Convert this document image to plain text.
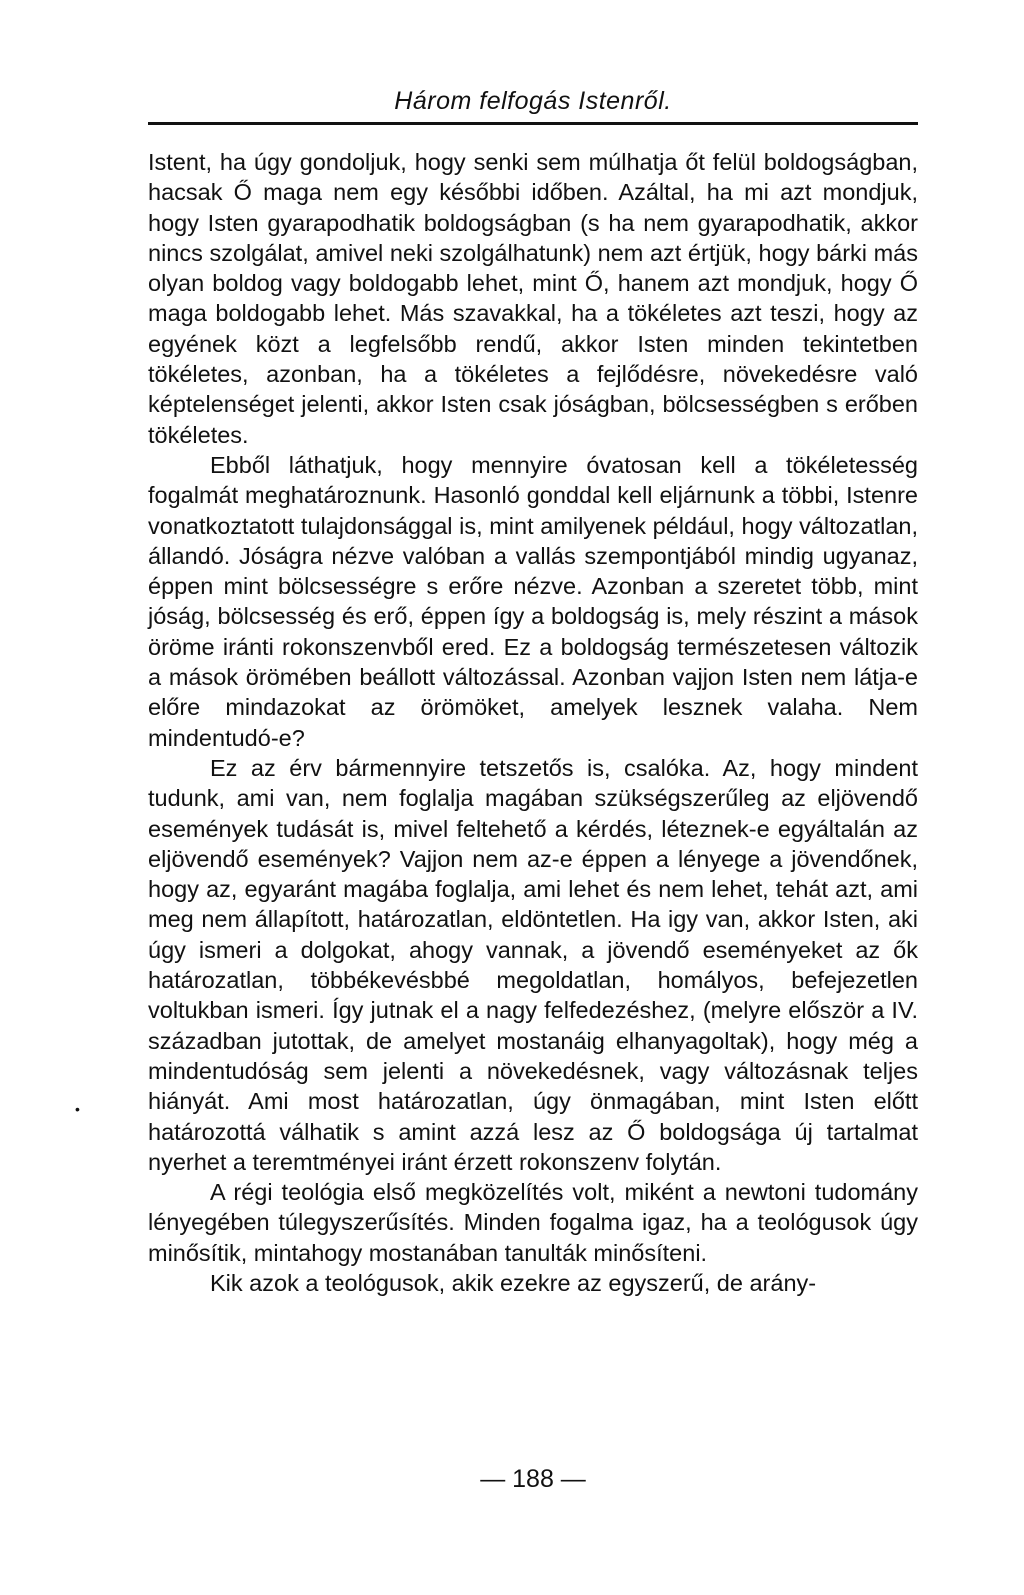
Három felfogás Istenről.

Istent, ha úgy gondoljuk, hogy senki sem múlhatja őt felül boldogságban, hacsak Ő maga nem egy későbbi időben. Azáltal, ha mi azt mondjuk, hogy Isten gyarapodhatik boldogságban (s ha nem gyarapodhatik, akkor nincs szolgálat, amivel neki szolgálhatunk) nem azt értjük, hogy bárki más olyan boldog vagy boldogabb lehet, mint Ő, hanem azt mondjuk, hogy Ő maga boldogabb lehet. Más szavakkal, ha a tökéletes azt teszi, hogy az egyének közt a legfelsőbb rendű, akkor Isten minden tekintetben tökéletes, azonban, ha a tökéletes a fejlődésre, növekedésre való képtelenséget jelenti, akkor Isten csak jóságban, bölcsességben s erőben tökéletes.

Ebből láthatjuk, hogy mennyire óvatosan kell a tökéletesség fogalmát meghatároznunk. Hasonló gonddal kell eljárnunk a többi, Istenre vonatkoztatott tulajdonsággal is, mint amilyenek például, hogy változatlan, állandó. Jóságra nézve valóban a vallás szempontjából mindig ugyanaz, éppen mint bölcsességre s erőre nézve. Azonban a szeretet több, mint jóság, bölcsesség és erő, éppen így a boldogság is, mely részint a mások öröme iránti rokonszenvből ered. Ez a boldogság természetesen változik a mások örömében beállott változással. Azonban vajjon Isten nem látja-e előre mindazokat az örömöket, amelyek lesznek valaha. Nem mindentudó-e?

Ez az érv bármennyire tetszetős is, csalóka. Az, hogy mindent tudunk, ami van, nem foglalja magában szükségszerűleg az eljövendő események tudását is, mivel feltehető a kérdés, léteznek-e egyáltalán az eljövendő események? Vajjon nem az-e éppen a lényege a jövendőnek, hogy az, egyaránt magába foglalja, ami lehet és nem lehet, tehát azt, ami meg nem állapított, határozatlan, eldöntetlen. Ha igy van, akkor Isten, aki úgy ismeri a dolgokat, ahogy vannak, a jövendő eseményeket az ők határozatlan, többékevésbbé megoldatlan, homályos, befejezetlen voltukban ismeri. Így jutnak el a nagy felfedezéshez, (melyre először a IV. században jutottak, de amelyet mostanáig elhanyagoltak), hogy még a mindentudóság sem jelenti a növekedésnek, vagy változásnak teljes hiányát. Ami most határozatlan, úgy önmagában, mint Isten előtt határozottá válhatik s amint azzá lesz az Ő boldogsága új tartalmat nyerhet a teremtményei iránt érzett rokonszenv folytán.

A régi teológia első megközelítés volt, miként a newtoni tudomány lényegében túlegyszerűsítés. Minden fogalma igaz, ha a teológusok úgy minősítik, mintahogy mostanában tanulták minősíteni.

Kik azok a teológusok, akik ezekre az egyszerű, de arány-

•
— 188 —
